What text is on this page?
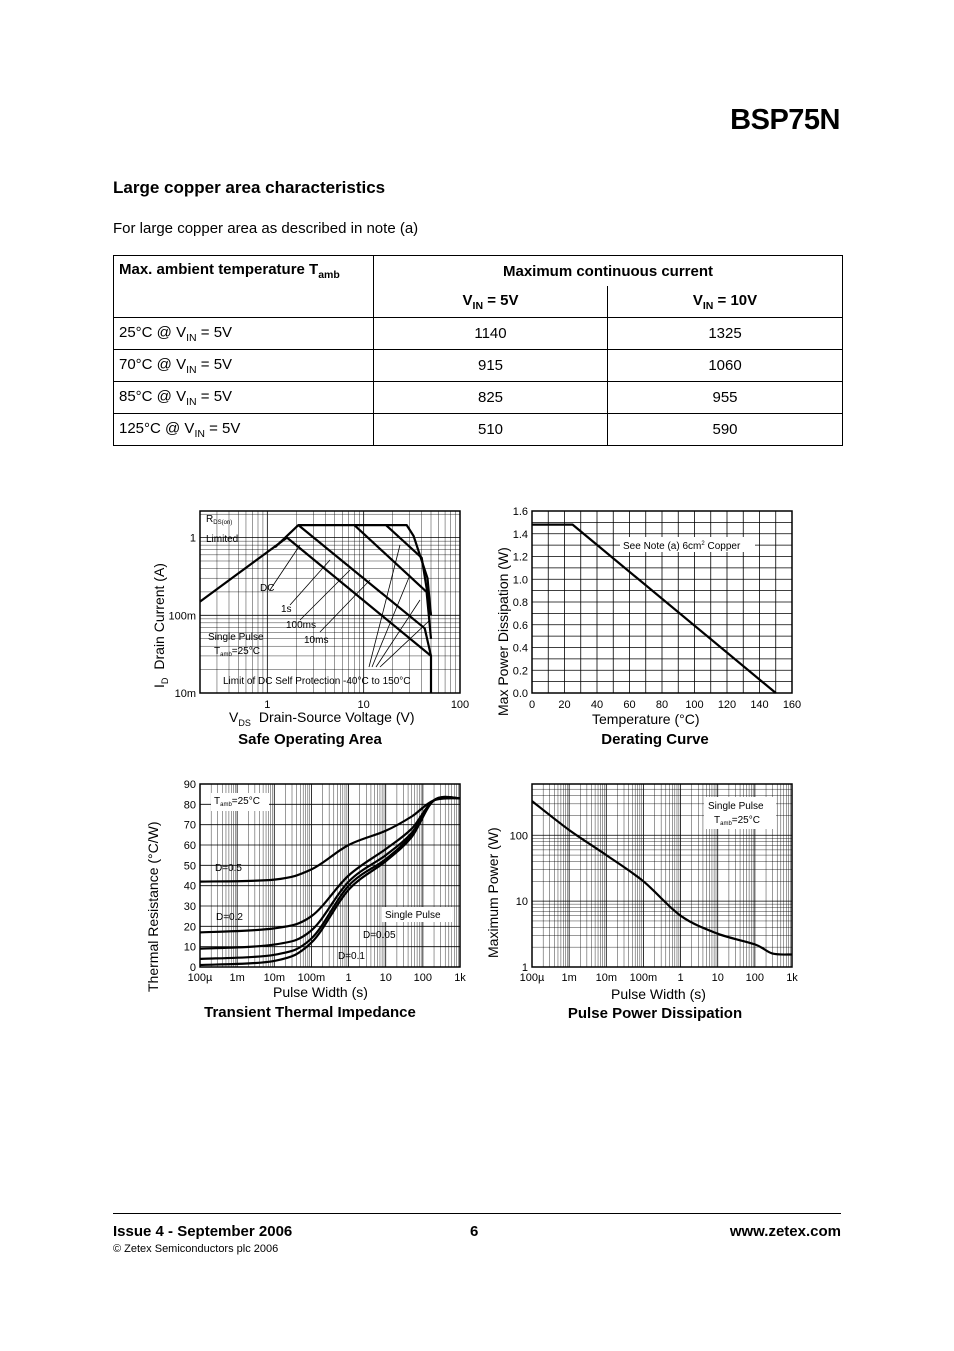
BSP75N
Large copper area characteristics
For large copper area as described in note (a)
Max. ambient temperature $T_{amb}$	Maximum continuous current	
	$V_{IN} = 5V$	$V_{IN} = 10V$
25°C @ $V_{IN} = 5V$	1140	1325
70°C @ $V_{IN} = 5V$	915	1060
85°C @ $V_{IN} = 5V$	825	955
125°C @ $V_{IN} = 5V$	510	590
1	10	100
10m
100m
1
$R_{DS(on)}$
Limited
DC
1s
100ms
10ms
Single Pulse
$T_{amb}=25^\circ C$
Limit of DC Self Protection -40°C to 150°C
$V_{DS}$ Drain-Source Voltage (V)
$I_DDrain$ Current (A)
Safe Operating Area
0 20 40 60 80 100 120 140 160
0.0
0.2
0.4
0.6
0.8
1.0
1.2
1.4
1.6
See Note (a) $6cm^2$ Copper
Temperature (°C)
Max Power Dissipation (W)
Derating Curve
100µ 1m 10m 100m 1	10 100 1k
0
10
20
30
40
50
60
70
80
90
$T_{amb}=25^\circ C$
D=0.5
D=0.2	Single Pulse
D=0.05
D=0.1
Pulse Width (s)
Thermal Resistance (°C/W)
Transient Thermal Impedance
100µ 1m 10m 100m 1	10 100 1k
1
10
100
Single Pulse
$T_{amb}=25^\circ C$
Pulse Width (s)
Maximum Power (W)
Pulse Power Dissipation
Issue 4 - September 2006	6	www.zetex.com
© Zetex Semiconductors plc 2006
